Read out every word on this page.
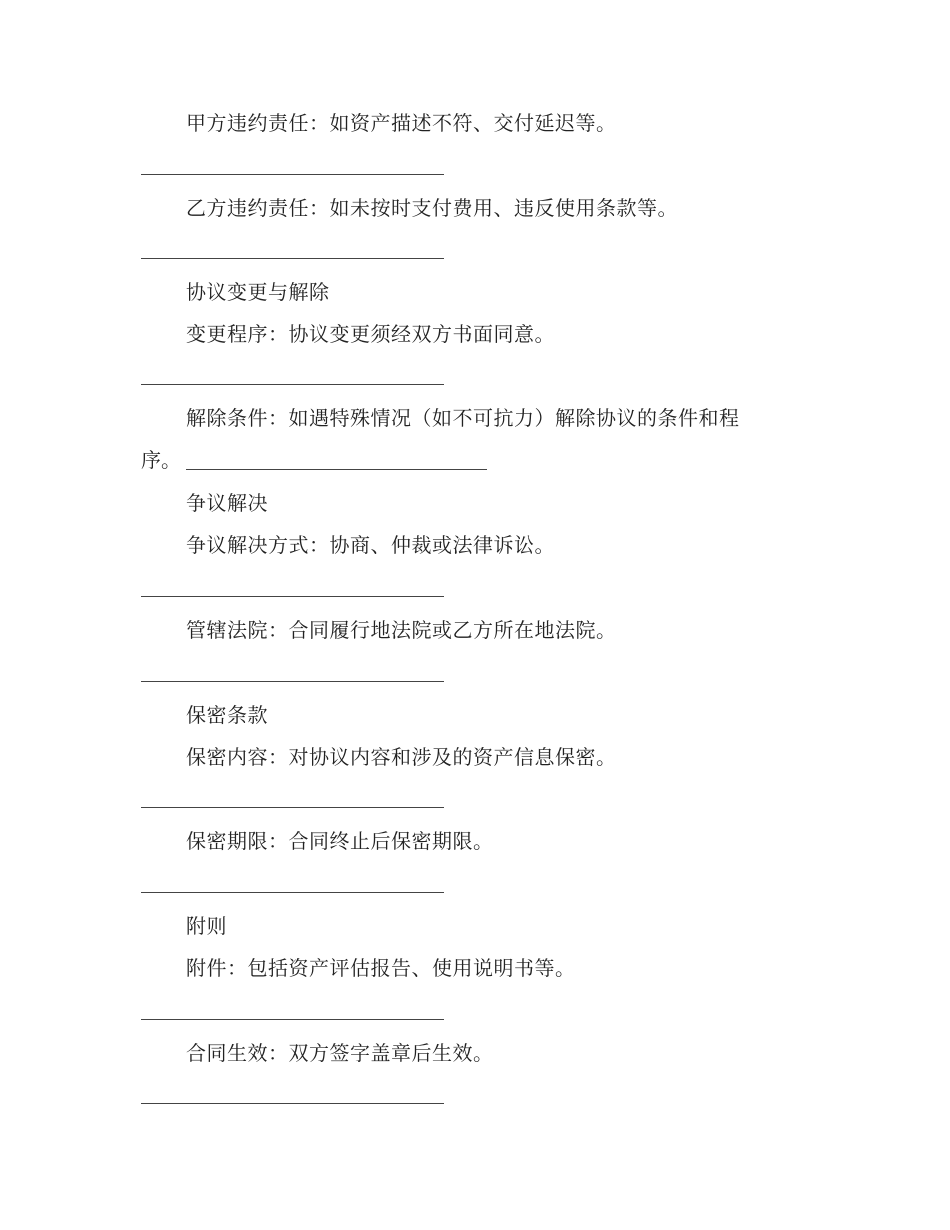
甲方违约责任：如资产描述不符、交付延迟等。
乙方违约责任：如未按时支付费用、违反使用条款等。
协议变更与解除
变更程序：协议变更须经双方书面同意。
解除条件：如遇特殊情况（如不可抗力）解除协议的条件和程
序。
争议解决
争议解决方式：协商、仲裁或法律诉讼。
管辖法院：合同履行地法院或乙方所在地法院。
保密条款
保密内容：对协议内容和涉及的资产信息保密。
保密期限：合同终止后保密期限。
附则
附件：包括资产评估报告、使用说明书等。
合同生效：双方签字盖章后生效。
